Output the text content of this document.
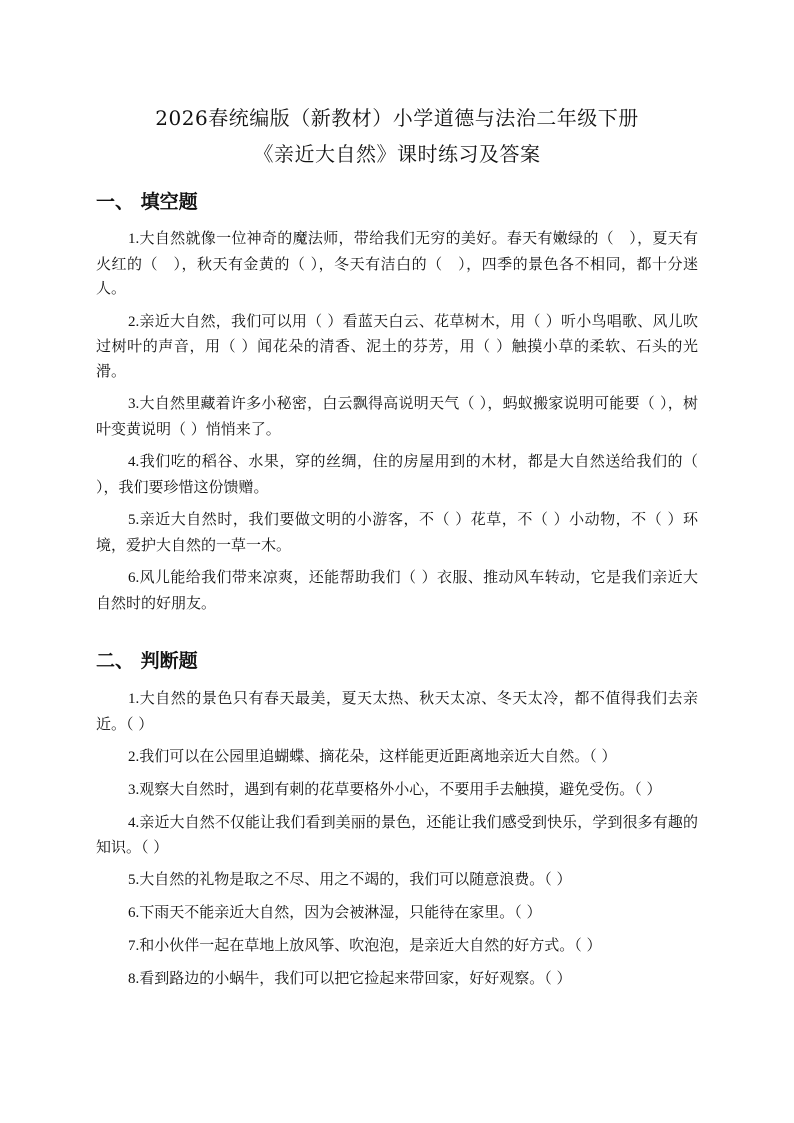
2026春统编版（新教材）小学道德与法治二年级下册
《亲近大自然》课时练习及答案
一、 填空题

1.大自然就像一位神奇的魔法师，带给我们无穷的美好。春天有嫩绿的（　），夏天有火红的（　），秋天有金黄的（ ），冬天有洁白的（　），四季的景色各不相同，都十分迷人。

2.亲近大自然，我们可以用（ ）看蓝天白云、花草树木，用（ ）听小鸟唱歌、风儿吹过树叶的声音，用（ ）闻花朵的清香、泥土的芬芳，用（ ）触摸小草的柔软、石头的光滑。

3.大自然里藏着许多小秘密，白云飘得高说明天气（ ），蚂蚁搬家说明可能要（ ），树叶变黄说明（ ）悄悄来了。

4.我们吃的稻谷、水果，穿的丝绸，住的房屋用到的木材，都是大自然送给我们的（ ），我们要珍惜这份馈赠。

5.亲近大自然时，我们要做文明的小游客，不（ ）花草，不（ ）小动物，不（ ）环境，爱护大自然的一草一木。

6.风儿能给我们带来凉爽，还能帮助我们（ ）衣服、推动风车转动，它是我们亲近大自然时的好朋友。

二、 判断题

1.大自然的景色只有春天最美，夏天太热、秋天太凉、冬天太冷，都不值得我们去亲近。（ ）

2.我们可以在公园里追蝴蝶、摘花朵，这样能更近距离地亲近大自然。（ ）

3.观察大自然时，遇到有刺的花草要格外小心，不要用手去触摸，避免受伤。（ ）

4.亲近大自然不仅能让我们看到美丽的景色，还能让我们感受到快乐，学到很多有趣的知识。（ ）

5.大自然的礼物是取之不尽、用之不竭的，我们可以随意浪费。（ ）

6.下雨天不能亲近大自然，因为会被淋湿，只能待在家里。（ ）

7.和小伙伴一起在草地上放风筝、吹泡泡，是亲近大自然的好方式。（ ）

8.看到路边的小蜗牛，我们可以把它捡起来带回家，好好观察。（ ）
